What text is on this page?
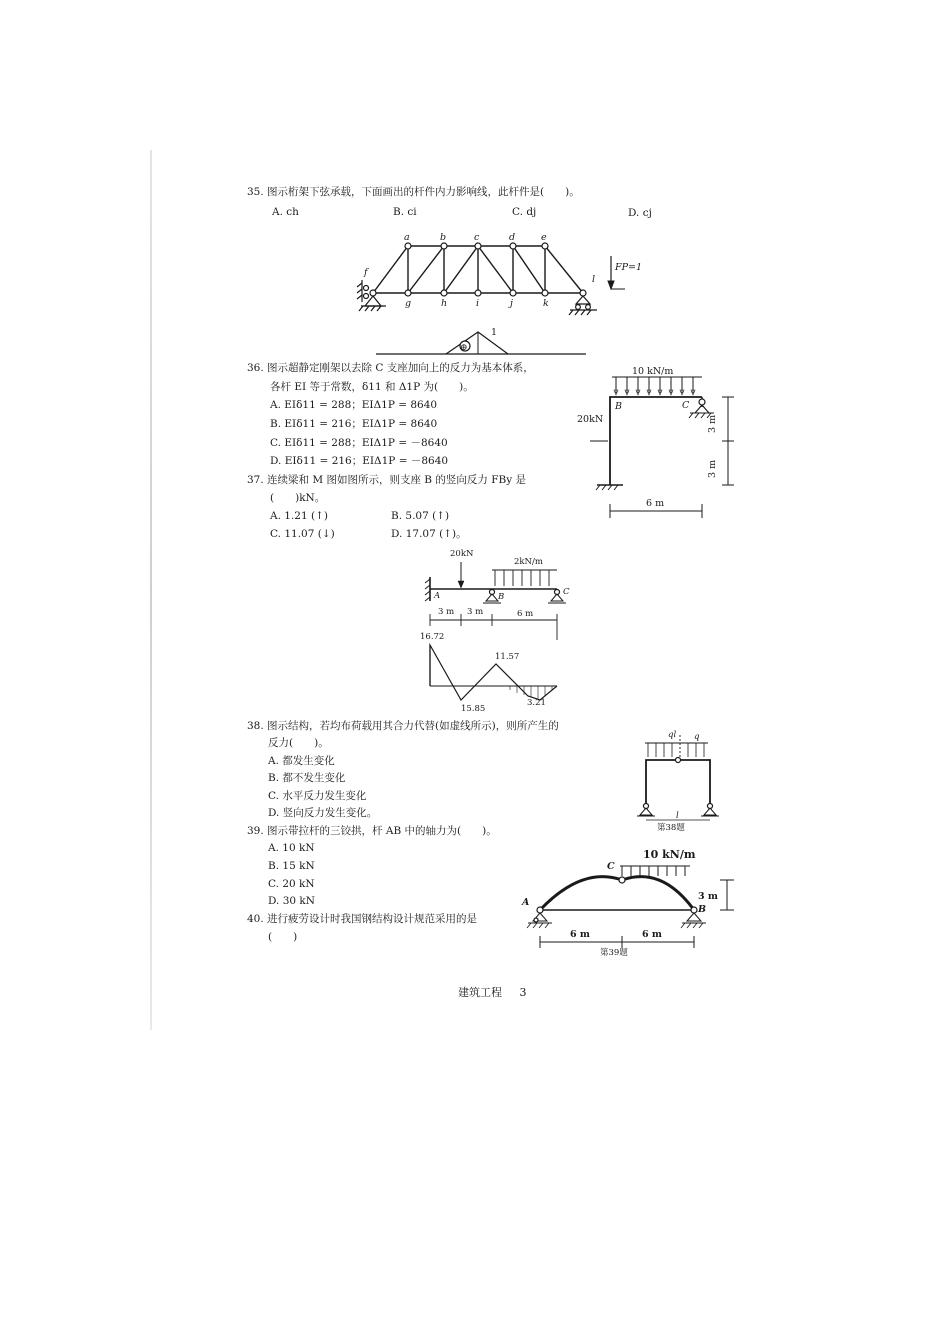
35. 图示桁架下弦承载，下面画出的杆件内力影响线，此杆件是(　　)。
A. ch	B. ci	C. dj	D. cj
⊕
a	b	c	d	e
f
g	h	i	j	k
l
FP=1
1
36. 图示超静定刚架以去除 C 支座加向上的反力为基本体系，
各杆 EI 等于常数，δ11 和 Δ1P 为(　　)。
A. EIδ11 = 288；EIΔ1P = 8640
B. EIδ11 = 216；EIΔ1P = 8640
C. EIδ11 = 288；EIΔ1P = －8640
D. EIδ11 = 216；EIΔ1P = －8640
10 kN/m
20kN
B	C
3 m
3 m
6 m
37. 连续梁和 M 图如图所示，则支座 B 的竖向反力 FBy 是
(　　)kN。
A. 1.21 (↑)	B. 5.07 (↑)
C. 11.07 (↓)	D. 17.07 (↑)。
20kN
2kN/m
A	B	C
3 m 3 m	6 m
16.72
11.57
15.85
3.21
38. 图示结构，若均布荷载用其合力代替(如虚线所示)，则所产生的
反力(　　)。
A. 都发生变化
B. 都不发生变化
C. 水平反力发生变化
D. 竖向反力发生变化。
ql q
l
第38题
39. 图示带拉杆的三铰拱，杆 AB 中的轴力为(　　)。
A. 10 kN
B. 15 kN
C. 20 kN
D. 30 kN
10 kN/m
C
A
B
3 m
6 m	6 m
第39题
40. 进行疲劳设计时我国钢结构设计规范采用的是
(　　)
建筑工程 3
